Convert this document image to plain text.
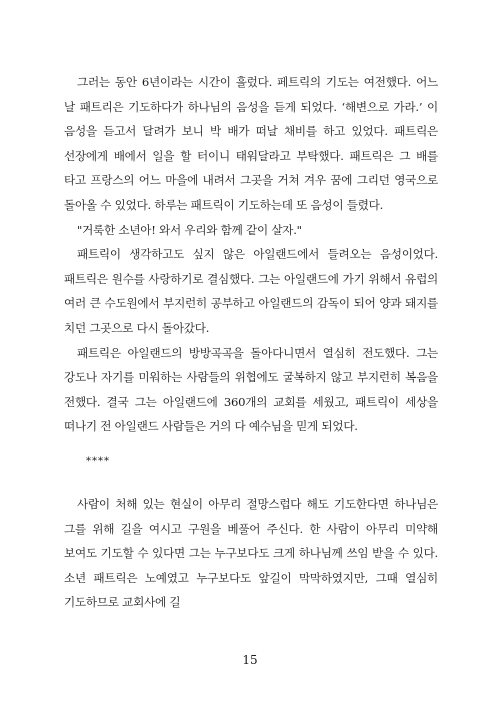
그러는 동안 6년이라는 시간이 흘렀다. 페트릭의 기도는 여전했다. 어느 날 패트리은 기도하다가 하나님의 음성을 듣게 되었다. ‘해변으로 가라.’ 이 음성을 듣고서 달려가 보니 박 배가 떠날 채비를 하고 있었다. 패트릭은 선장에게 배에서 일을 할 터이니 태워달라고 부탁했다. 패트릭은 그 배를 타고 프랑스의 어느 마을에 내려서 그곳을 거쳐 겨우 꿈에 그리던 영국으로 돌아올 수 있었다. 하루는 패트릭이 기도하는데 또 음성이 들렸다.

"거룩한 소년아! 와서 우리와 함께 같이 살자."

패트릭이 생각하고도 싶지 않은 아일랜드에서 들려오는 음성이었다. 패트릭은 원수를 사랑하기로 결심했다. 그는 아일랜드에 가기 위해서 유럽의 여러 큰 수도원에서 부지런히 공부하고 아일랜드의 감독이 되어 양과 돼지를 치던 그곳으로 다시 돌아갔다.

패트릭은 아일랜드의 방방곡곡을 돌아다니면서 열심히 전도했다. 그는 강도나 자기를 미워하는 사람들의 위협에도 굴복하지 않고 부지런히 복음을 전했다. 결국 그는 아일랜드에 360개의 교회를 세웠고, 패트릭이 세상을 떠나기 전 아일랜드 사람들은 거의 다 예수님을 믿게 되었다.

****

사람이 처해 있는 현실이 아무리 절망스럽다 해도 기도한다면 하나님은 그를 위해 길을 여시고 구원을 베풀어 주신다. 한 사람이 아무리 미약해 보여도 기도할 수 있다면 그는 누구보다도 크게 하나님께 쓰임 받을 수 있다. 소년 패트릭은 노예였고 누구보다도 앞길이 막막하였지만, 그때 열심히 기도하므로 교회사에 길

15
